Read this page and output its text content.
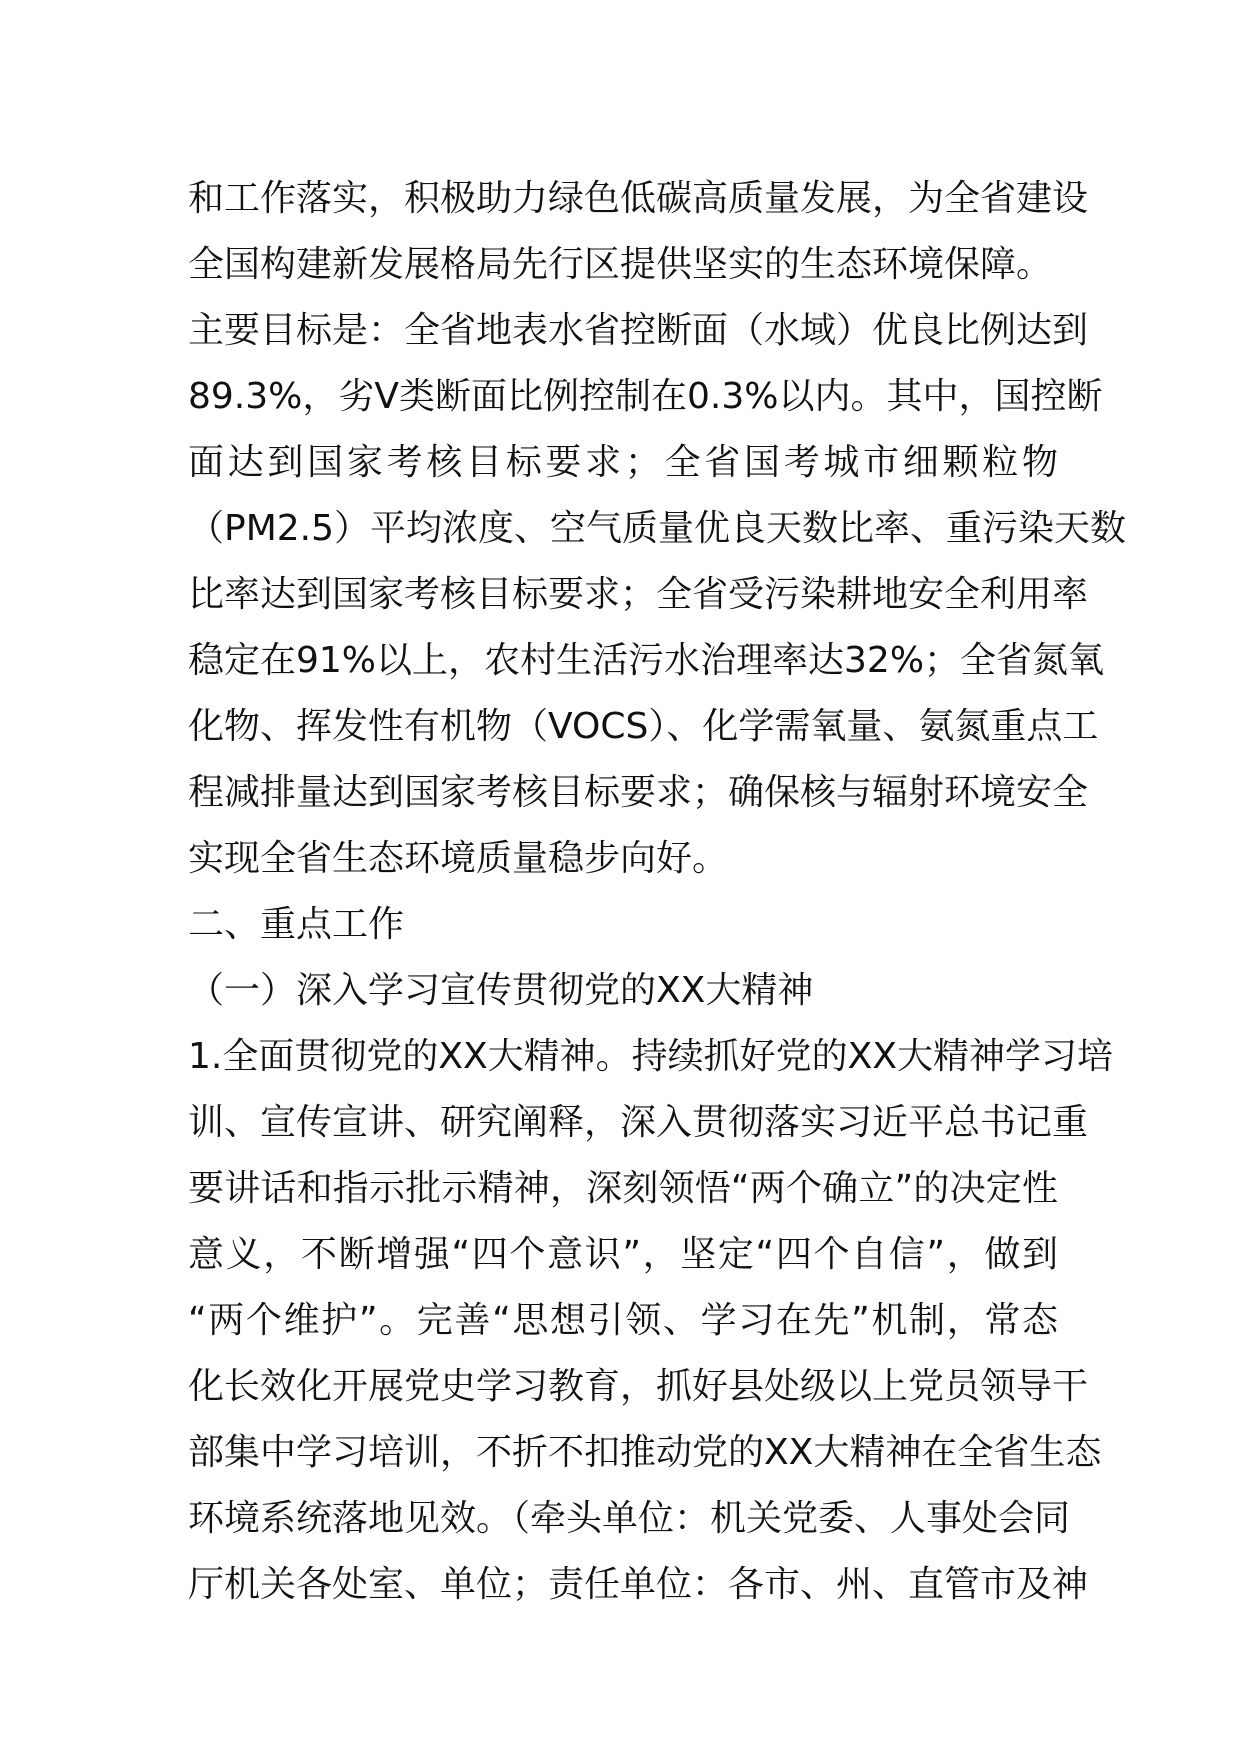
和工作落实，积极助力绿色低碳高质量发展，为全省建设
全国构建新发展格局先行区提供坚实的生态环境保障。
主要目标是：全省地表水省控断面（水域）优良比例达到
89.3%，劣Ⅴ类断面比例控制在0.3%以内。其中，国控断
面达到国家考核目标要求；全省国考城市细颗粒物
（PM2.5）平均浓度、空气质量优良天数比率、重污染天数
比率达到国家考核目标要求；全省受污染耕地安全利用率
稳定在91%以上，农村生活污水治理率达32%；全省氮氧
化物、挥发性有机物（VOCS）、化学需氧量、氨氮重点工
程减排量达到国家考核目标要求；确保核与辐射环境安全
实现全省生态环境质量稳步向好。
二、重点工作
（一）深入学习宣传贯彻党的XX大精神
1.全面贯彻党的XX大精神。持续抓好党的XX大精神学习培
训、宣传宣讲、研究阐释，深入贯彻落实习近平总书记重
要讲话和指示批示精神，深刻领悟“两个确立”的决定性
意义，不断增强“四个意识”，坚定“四个自信”，做到
“两个维护”。完善“思想引领、学习在先”机制，常态
化长效化开展党史学习教育，抓好县处级以上党员领导干
部集中学习培训，不折不扣推动党的XX大精神在全省生态
环境系统落地见效。（牵头单位：机关党委、人事处会同
厅机关各处室、单位；责任单位：各市、州、直管市及神
